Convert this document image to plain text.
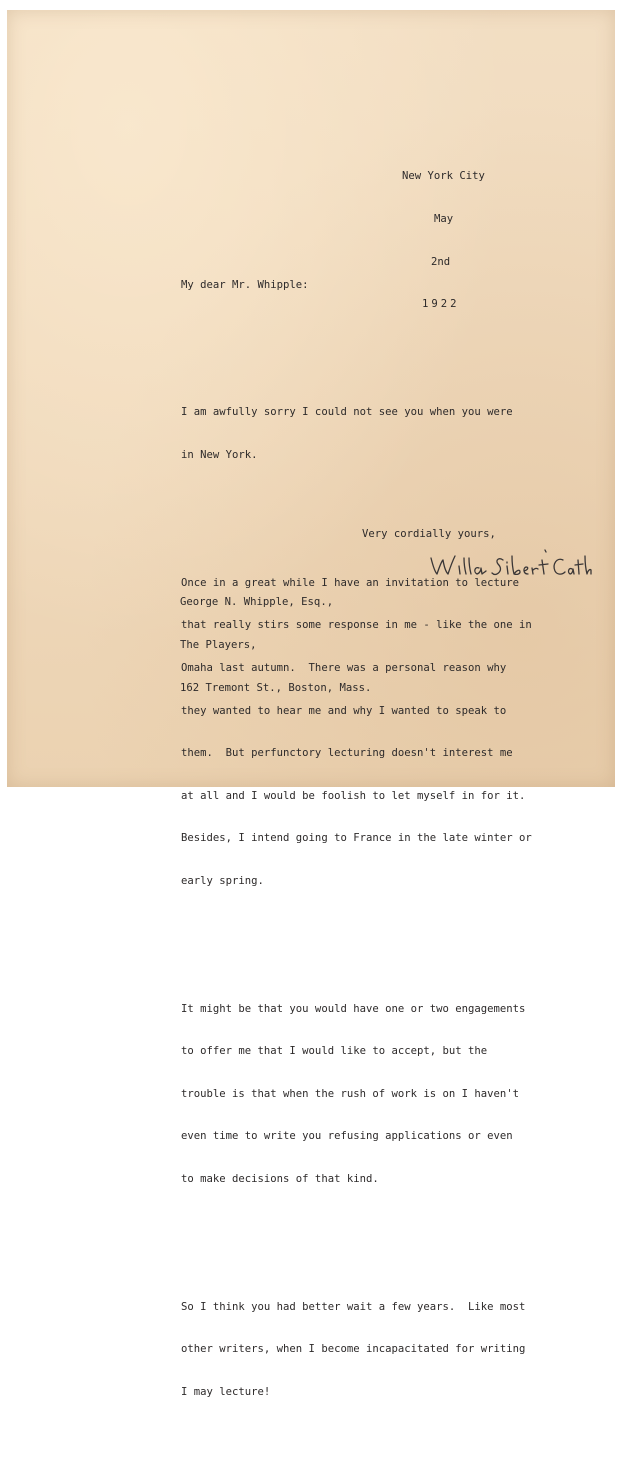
New York City

May

2nd

1922

My dear Mr. Whipple:

I am awfully sorry I could not see you when you were

in New York.

Once in a great while I have an invitation to lecture

that really stirs some response in me - like the one in

Omaha last autumn.  There was a personal reason why

they wanted to hear me and why I wanted to speak to

them.  But perfunctory lecturing doesn't interest me

at all and I would be foolish to let myself in for it.

Besides, I intend going to France in the late winter or

early spring.

It might be that you would have one or two engagements

to offer me that I would like to accept, but the

trouble is that when the rush of work is on I haven't

even time to write you refusing applications or even

to make decisions of that kind.

So I think you had better wait a few years.  Like most

other writers, when I become incapacitated for writing

I may lecture!

Very cordially yours,

George N. Whipple, Esq.,

The Players,

162 Tremont St., Boston, Mass.
